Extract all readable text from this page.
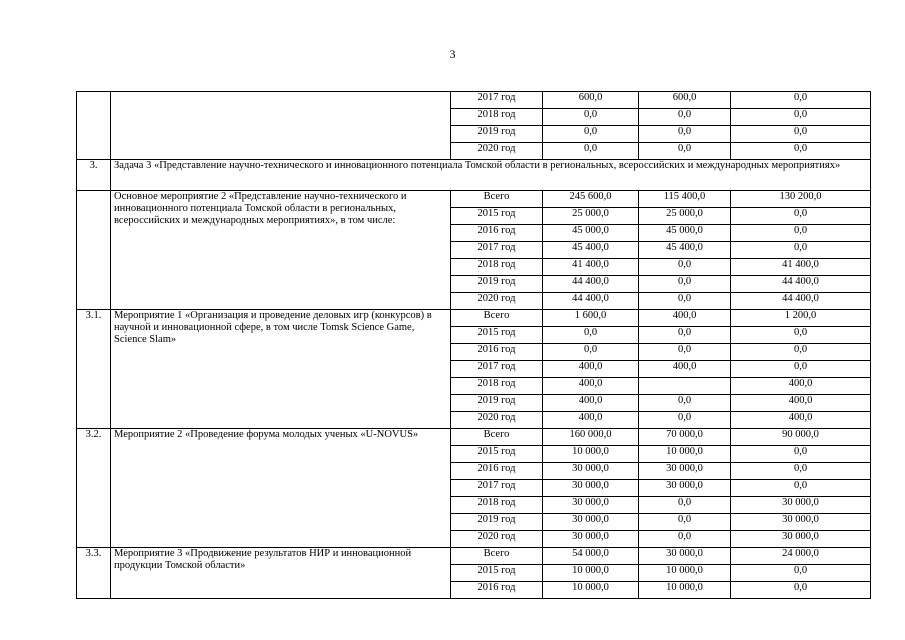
3
		2017 год	600,0	600,0	0,0
		2018 год	0,0	0,0	0,0
		2019 год	0,0	0,0	0,0
		2020 год	0,0	0,0	0,0
3.	Задача 3 «Представление научно-технического и инновационного потенциала Томской области в региональных, всероссийских и международных мероприятиях»				
	Основное мероприятие 2 «Представление научно-технического и инновационного потенциала Томской области в региональных, всероссийских и международных мероприятиях», в том числе:	Всего	245 600,0	115 400,0	130 200,0
		2015 год	25 000,0	25 000,0	0,0
		2016 год	45 000,0	45 000,0	0,0
		2017 год	45 400,0	45 400,0	0,0
		2018 год	41 400,0	0,0	41 400,0
		2019 год	44 400,0	0,0	44 400,0
		2020 год	44 400,0	0,0	44 400,0
3.1.	Мероприятие 1 «Организация и проведение деловых игр (конкурсов) в научной и инновационной сфере, в том числе Tomsk Science Game, Science Slam»	Всего	1 600,0	400,0	1 200,0
		2015 год	0,0	0,0	0,0
		2016 год	0,0	0,0	0,0
		2017 год	400,0	400,0	0,0
		2018 год	400,0		400,0
		2019 год	400,0	0,0	400,0
		2020 год	400,0	0,0	400,0
3.2.	Мероприятие 2 «Проведение форума молодых ученых «U-NOVUS»	Всего	160 000,0	70 000,0	90 000,0
		2015 год	10 000,0	10 000,0	0,0
		2016 год	30 000,0	30 000,0	0,0
		2017 год	30 000,0	30 000,0	0,0
		2018 год	30 000,0	0,0	30 000,0
		2019 год	30 000,0	0,0	30 000,0
		2020 год	30 000,0	0,0	30 000,0
3.3.	Мероприятие 3 «Продвижение результатов НИР и инновационной продукции Томской области»	Всего	54 000,0	30 000,0	24 000,0
		2015 год	10 000,0	10 000,0	0,0
		2016 год	10 000,0	10 000,0	0,0
